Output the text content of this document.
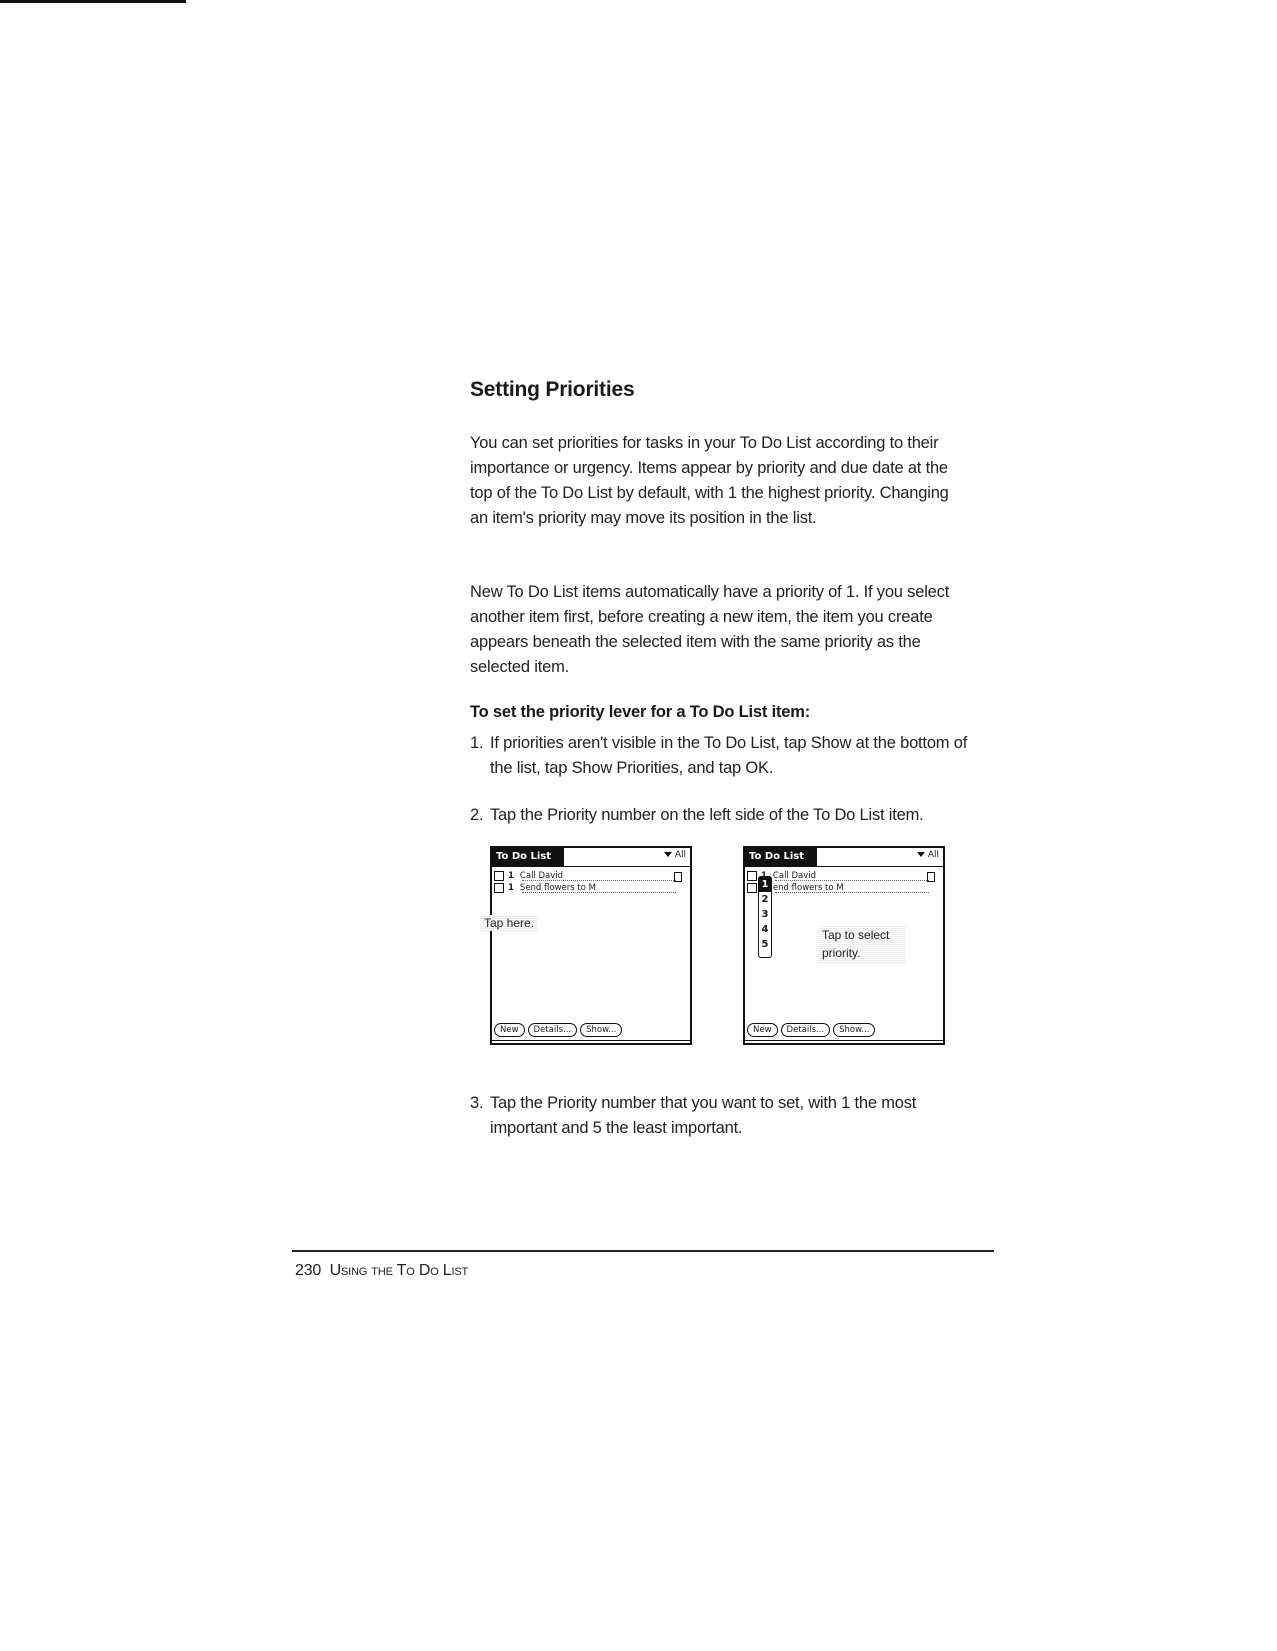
Setting Priorities
You can set priorities for tasks in your To Do List according to their importance or urgency. Items appear by priority and due date at the top of the To Do List by default, with 1 the highest priority. Changing an item's priority may move its position in the list.
New To Do List items automatically have a priority of 1. If you select another item first, before creating a new item, the item you create appears beneath the selected item with the same priority as the selected item.
To set the priority lever for a To Do List item:
1. If priorities aren't visible in the To Do List, tap Show at the bottom of the list, tap Show Priorities, and tap OK.
2. Tap the Priority number on the left side of the To Do List item.
3. Tap the Priority number that you want to set, with 1 the most important and 5 the least important.
To Do List	All
1 Call David
1 Send flowers to M
New Details... Show...
Tap here.
To Do List	All
Call David
end flowers to M
New Details... Show...
1
2
3
4
5
Tap to select priority.
230 Using the To Do List
